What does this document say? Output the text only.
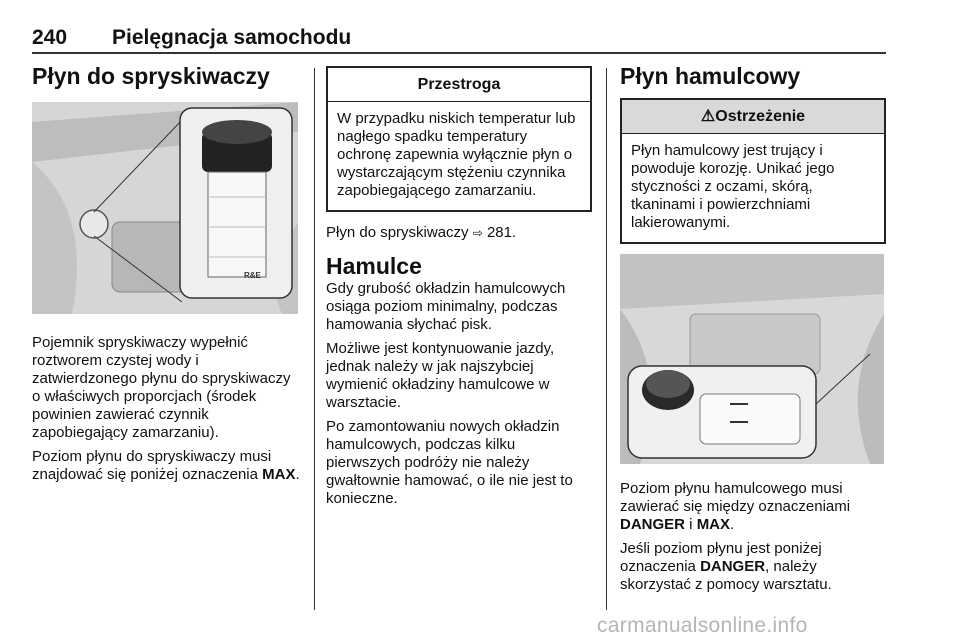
240 Pielęgnacja samochodu
Płyn do spryskiwaczy
R&E

Pojemnik spryskiwaczy wypełnić roztworem czystej wody i zatwierdzonego płynu do spryskiwaczy o właściwych proporcjach (środek powinien zawierać czynnik zapobiegający zamarzaniu).

Poziom płynu do spryskiwaczy musi znajdować się poniżej oznaczenia MAX.

Przestroga
W przypadku niskich temperatur lub nagłego spadku temperatury ochronę zapewnia wyłącznie płyn o wystarczającym stężeniu czynnika zapobiegającego zamarzaniu.

Płyn do spryskiwaczy ⇨ 281.

Hamulce

Gdy grubość okładzin hamulcowych osiąga poziom minimalny, podczas hamowania słychać pisk.

Możliwe jest kontynuowanie jazdy, jednak należy w jak najszybciej wymienić okładziny hamulcowe w warsztacie.

Po zamontowaniu nowych okładzin hamulcowych, podczas kilku pierwszych podróży nie należy gwałtownie hamować, o ile nie jest to konieczne.

Płyn hamulcowy
⚠Ostrzeżenie
Płyn hamulcowy jest trujący i powoduje korozję. Unikać jego styczności z oczami, skórą, tkaninami i powierzchniami lakierowanymi.

Poziom płynu hamulcowego musi zawierać się między oznaczeniami DANGER i MAX.

Jeśli poziom płynu jest poniżej oznaczenia DANGER, należy skorzystać z pomocy warsztatu.

carmanualsonline.info
